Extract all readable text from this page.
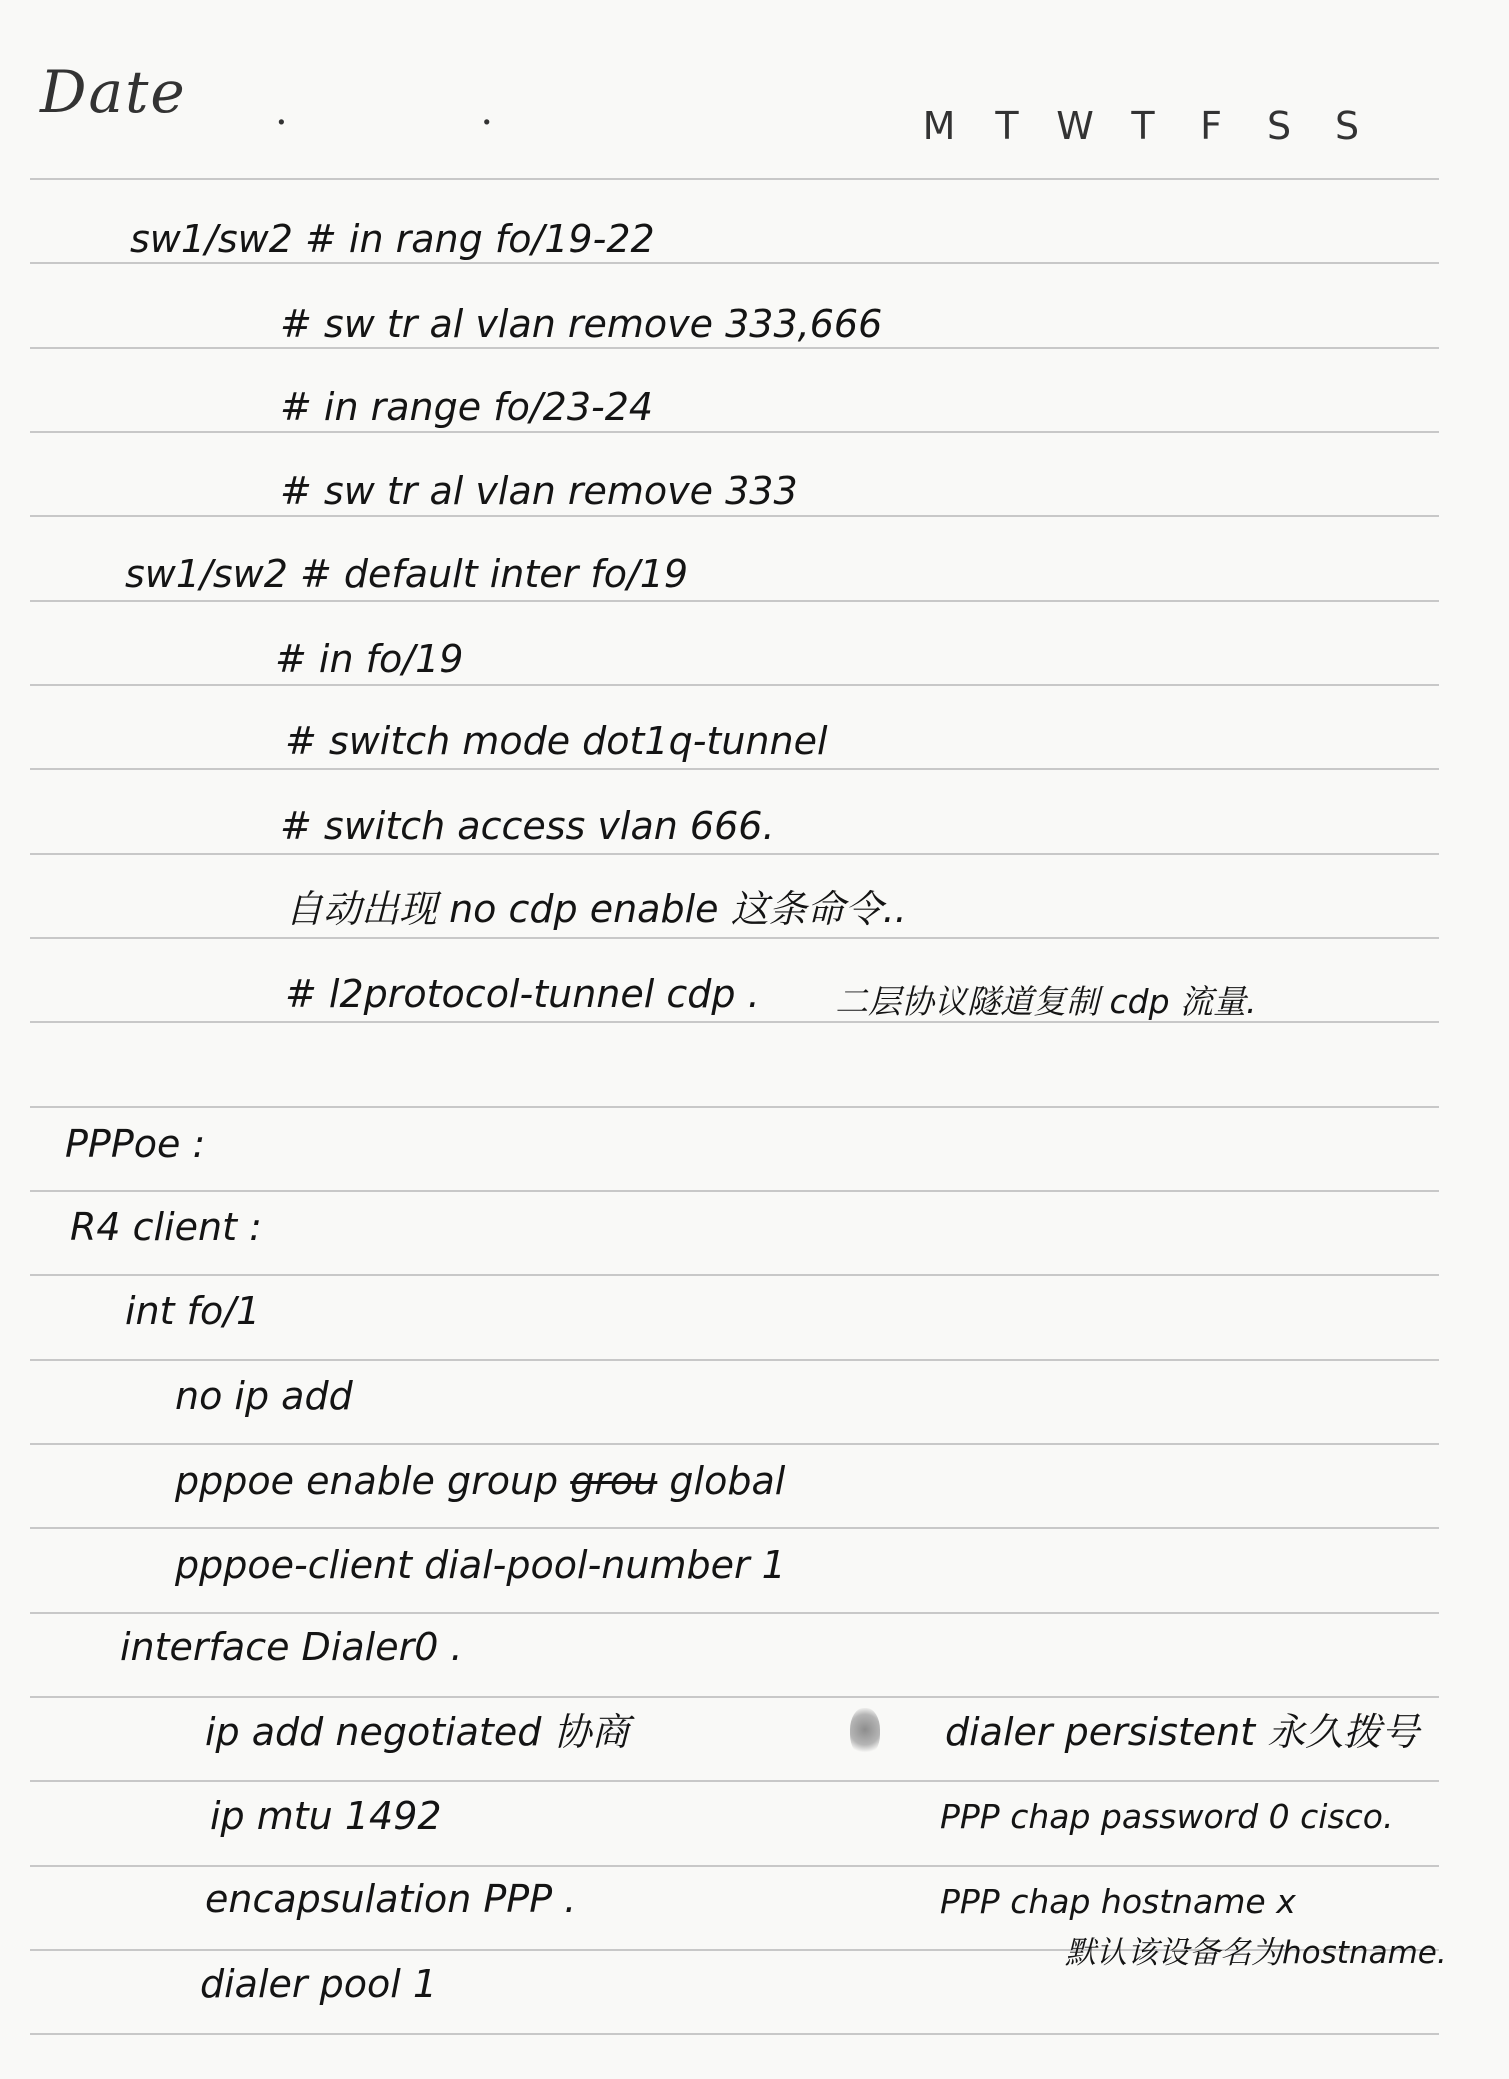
Date . .	M T W T F S S
sw1/sw2 # in rang fo/19-22
# sw tr al vlan remove 333,666
# in range fo/23-24
# sw tr al vlan remove 333
sw1/sw2 # default inter fo/19
# in fo/19
# switch mode dot1q-tunnel
# switch access vlan 666.
自动出现 no cdp enable 这条命令..
# l2protocol-tunnel cdp . 二层协议隧道复制 cdp 流量.
PPPoe :
R4 client :
int fo/1
no ip add
pppoe enable group grou global
pppoe-client dial-pool-number 1
interface Dialer0 .
ip add negotiated 协商
ip mtu 1492
encapsulation PPP .
dialer pool 1
dialer persistent 永久拨号
PPP chap password 0 cisco.
PPP chap hostname x
默认该设备名为hostname.
